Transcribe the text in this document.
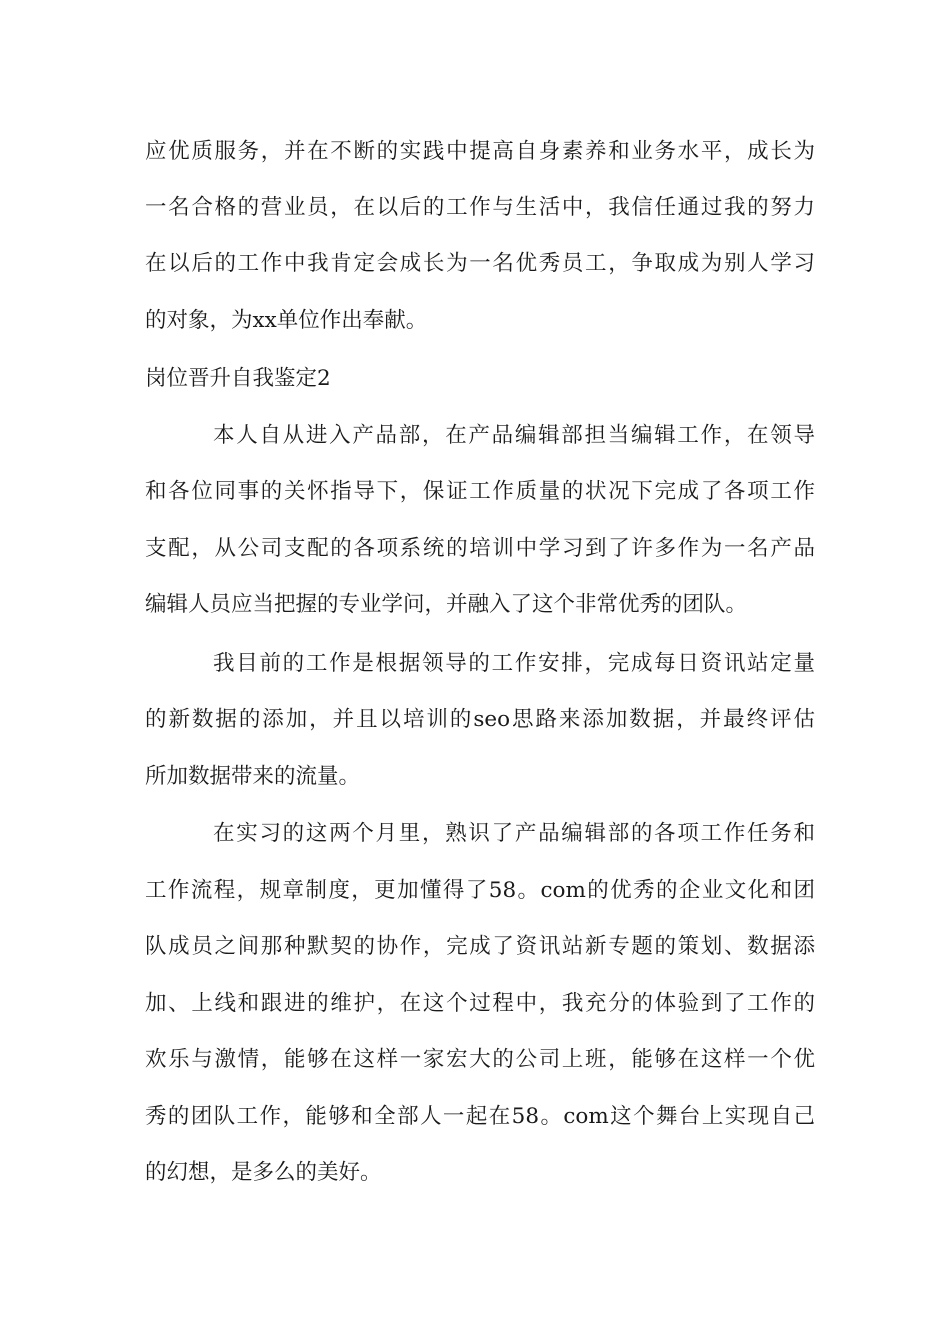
应优质服务，并在不断的实践中提高自身素养和业务水平，成长为
一名合格的营业员，在以后的工作与生活中，我信任通过我的努力
在以后的工作中我肯定会成长为一名优秀员工，争取成为别人学习
的对象，为xx单位作出奉献。
岗位晋升自我鉴定2
本人自从进入产品部，在产品编辑部担当编辑工作，在领导
和各位同事的关怀指导下，保证工作质量的状况下完成了各项工作
支配，从公司支配的各项系统的培训中学习到了许多作为一名产品
编辑人员应当把握的专业学问，并融入了这个非常优秀的团队。
我目前的工作是根据领导的工作安排，完成每日资讯站定量
的新数据的添加，并且以培训的seo思路来添加数据，并最终评估
所加数据带来的流量。
在实习的这两个月里，熟识了产品编辑部的各项工作任务和
工作流程，规章制度，更加懂得了58。com的优秀的企业文化和团
队成员之间那种默契的协作，完成了资讯站新专题的策划、数据添
加、上线和跟进的维护，在这个过程中，我充分的体验到了工作的
欢乐与激情，能够在这样一家宏大的公司上班，能够在这样一个优
秀的团队工作，能够和全部人一起在58。com这个舞台上实现自己
的幻想，是多么的美好。
